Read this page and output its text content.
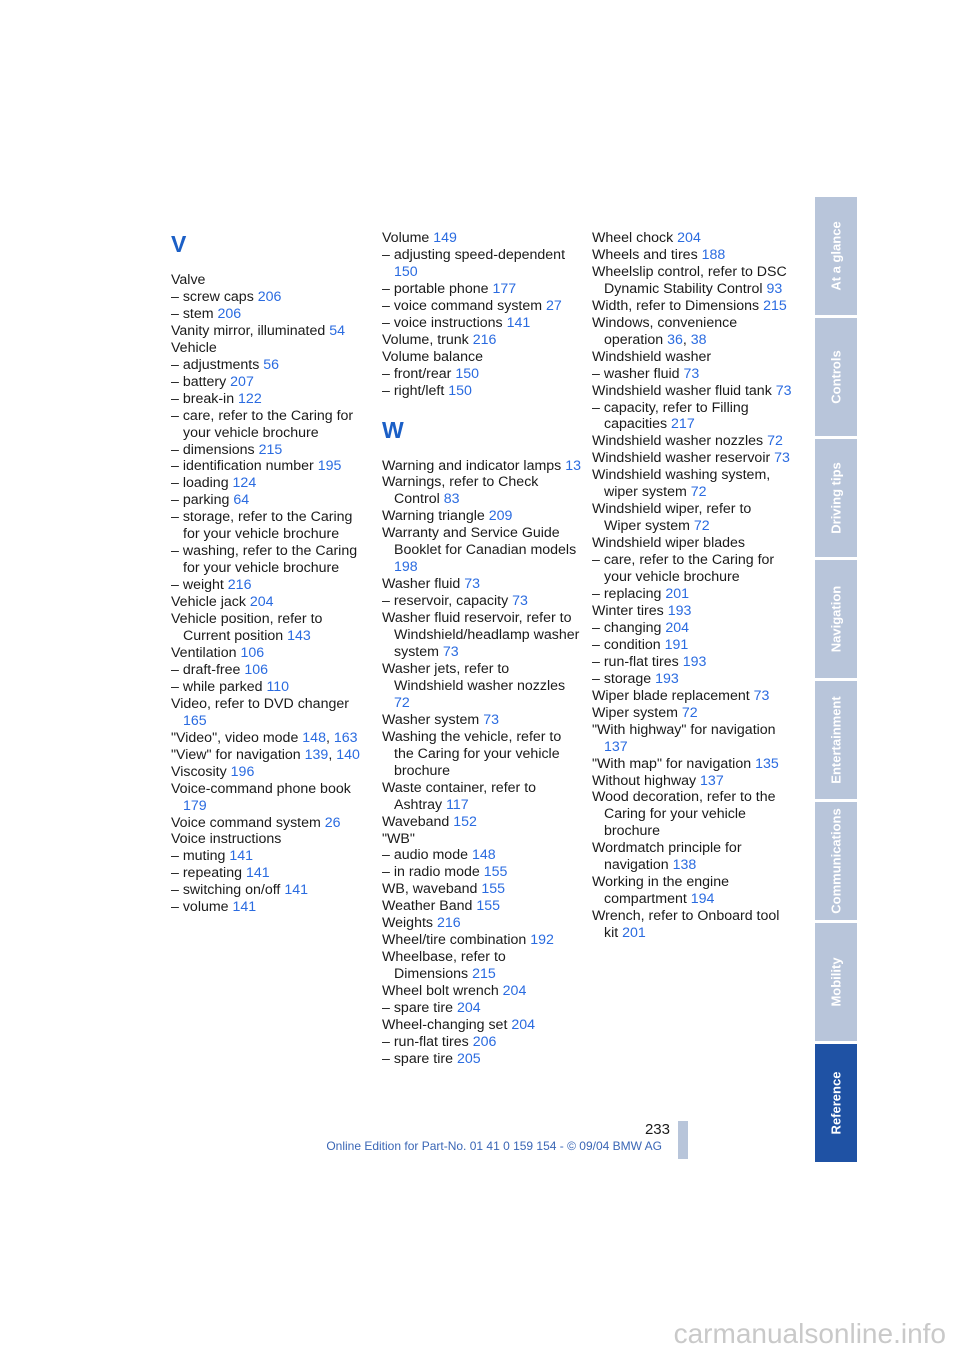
V
Valve
– screw caps 206
– stem 206
Vanity mirror, illuminated 54
Vehicle
– adjustments 56
– battery 207
– break-in 122
– care, refer to the Caring for your vehicle brochure
– dimensions 215
– identification number 195
– loading 124
– parking 64
– storage, refer to the Caring for your vehicle brochure
– washing, refer to the Caring for your vehicle brochure
– weight 216
Vehicle jack 204
Vehicle position, refer to Current position 143
Ventilation 106
– draft-free 106
– while parked 110
Video, refer to DVD changer 165
"Video", video mode 148, 163
"View" for navigation 139, 140
Viscosity 196
Voice-command phone book 179
Voice command system 26
Voice instructions
– muting 141
– repeating 141
– switching on/off 141
– volume 141
Volume 149
– adjusting speed-dependent 150
– portable phone 177
– voice command system 27
– voice instructions 141
Volume, trunk 216
Volume balance
– front/rear 150
– right/left 150
W
Warning and indicator lamps 13
Warnings, refer to Check Control 83
Warning triangle 209
Warranty and Service Guide Booklet for Canadian models 198
Washer fluid 73
– reservoir, capacity 73
Washer fluid reservoir, refer to Windshield/headlamp washer system 73
Washer jets, refer to Windshield washer nozzles 72
Washer system 73
Washing the vehicle, refer to the Caring for your vehicle brochure
Waste container, refer to Ashtray 117
Waveband 152
"WB"
– audio mode 148
– in radio mode 155
WB, waveband 155
Weather Band 155
Weights 216
Wheel/tire combination 192
Wheelbase, refer to Dimensions 215
Wheel bolt wrench 204
– spare tire 204
Wheel-changing set 204
– run-flat tires 206
– spare tire 205
Wheel chock 204
Wheels and tires 188
Wheelslip control, refer to DSC Dynamic Stability Control 93
Width, refer to Dimensions 215
Windows, convenience operation 36, 38
Windshield washer
– washer fluid 73
Windshield washer fluid tank 73
– capacity, refer to Filling capacities 217
Windshield washer nozzles 72
Windshield washer reservoir 73
Windshield washing system, wiper system 72
Windshield wiper, refer to Wiper system 72
Windshield wiper blades
– care, refer to the Caring for your vehicle brochure
– replacing 201
Winter tires 193
– changing 204
– condition 191
– run-flat tires 193
– storage 193
Wiper blade replacement 73
Wiper system 72
"With highway" for navigation 137
"With map" for navigation 135
Without highway 137
Wood decoration, refer to the Caring for your vehicle brochure
Wordmatch principle for navigation 138
Working in the engine compartment 194
Wrench, refer to Onboard tool kit 201
At a glance
Controls
Driving tips
Navigation
Entertainment
Communications
Mobility
Reference
233
Online Edition for Part-No. 01 41 0 159 154 - © 09/04 BMW AG
carmanualsonline.info
